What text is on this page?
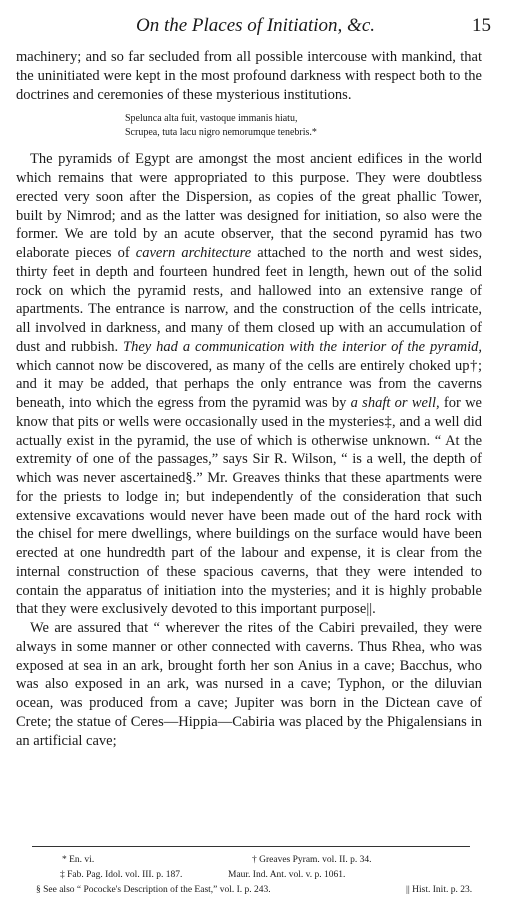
On the Places of Initiation, &c.	15

machinery; and so far secluded from all possible intercouse with mankind, that the uninitiated were kept in the most profound darkness with respect both to the doctrines and ceremonies of these mysterious institutions.

Spelunca alta fuit, vastoque immanis hiatu,
Scrupea, tuta lacu nigro nemorumque tenebris.*

The pyramids of Egypt are amongst the most ancient edifices in the world which remains that were appropriated to this purpose. They were doubtless erected very soon after the Dispersion, as copies of the great phallic Tower, built by Nimrod; and as the latter was designed for initiation, so also were the former. We are told by an acute observer, that the second pyramid has two elaborate pieces of cavern architecture attached to the north and west sides, thirty feet in depth and fourteen hundred feet in length, hewn out of the solid rock on which the pyramid rests, and hallowed into an extensive range of apartments. The entrance is narrow, and the construction of the cells intricate, all involved in darkness, and many of them closed up with an accumulation of dust and rubbish. They had a communication with the interior of the pyramid, which cannot now be discovered, as many of the cells are entirely choked up†; and it may be added, that perhaps the only entrance was from the caverns beneath, into which the egress from the pyramid was by a shaft or well, for we know that pits or wells were occasionally used in the mysteries‡, and a well did actually exist in the pyramid, the use of which is otherwise unknown. “ At the extremity of one of the passages,” says Sir R. Wilson, “ is a well, the depth of which was never ascertained§.” Mr. Greaves thinks that these apartments were for the priests to lodge in; but independently of the consideration that such extensive excavations would never have been made out of the hard rock with the chisel for mere dwellings, where buildings on the surface would have been erected at one hundredth part of the labour and expense, it is clear from the internal construction of these spacious caverns, that they were intended to contain the apparatus of initiation into the mysteries; and it is highly probable that they were exclusively devoted to this important purpose||.

We are assured that “ wherever the rites of the Cabiri prevailed, they were always in some manner or other connected with caverns. Thus Rhea, who was exposed at sea in an ark, brought forth her son Anius in a cave; Bacchus, who was also exposed in an ark, was nursed in a cave; Typhon, or the diluvian ocean, was produced from a cave; Jupiter was born in the Dictean cave of Crete; the statue of Ceres—Hippia—Cabiria was placed by the Phigalensians in an artificial cave;

* En. vi.	† Greaves Pyram. vol. II. p. 34.
‡ Fab. Pag. Idol. vol. III. p. 187.	Maur. Ind. Ant. vol. v. p. 1061.
§ See also “ Pococke's Description of the East,” vol. I. p. 243.	|| Hist. Init. p. 23.
